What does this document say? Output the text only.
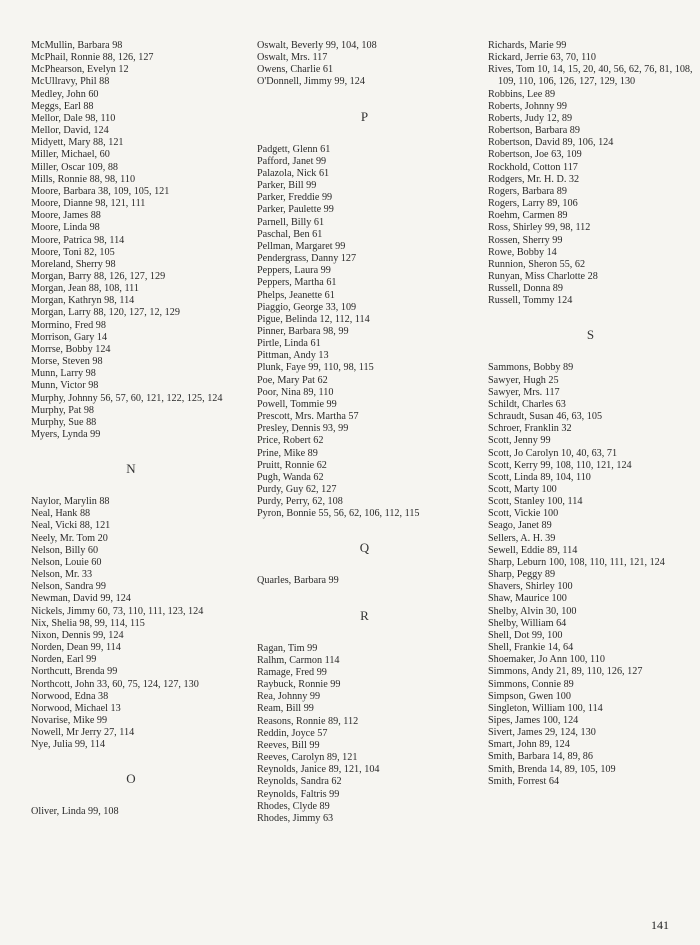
McMullin, Barbara 98
McPhail, Ronnie 88, 126, 127
McPhearson, Evelyn 12
McUllravy, Phil 88
Medley, John 60
Meggs, Earl 88
Mellor, Dale 98, 110
Mellor, David, 124
Midyett, Mary 88, 121
Miller, Michael, 60
Miller, Oscar 109, 88
Mills, Ronnie 88, 98, 110
Moore, Barbara 38, 109, 105, 121
Moore, Dianne 98, 121, 111
Moore, James 88
Moore, Linda 98
Moore, Patrica 98, 114
Moore, Toni 82, 105
Moreland, Sherry 98
Morgan, Barry 88, 126, 127, 129
Morgan, Jean 88, 108, 111
Morgan, Kathryn 98, 114
Morgan, Larry 88, 120, 127, 12, 129
Mormino, Fred 98
Morrison, Gary 14
Morrse, Bobby 124
Morse, Steven 98
Munn, Larry 98
Munn, Victor 98
Murphy, Johnny 56, 57, 60, 121, 122, 125, 124
Murphy, Pat 98
Murphy, Sue 88
Myers, Lynda 99
N
Naylor, Marylin 88
Neal, Hank 88
Neal, Vicki 88, 121
Neely, Mr. Tom 20
Nelson, Billy 60
Nelson, Louie 60
Nelson, Mr. 33
Nelson, Sandra 99
Newman, David 99, 124
Nickels, Jimmy 60, 73, 110, 111, 123, 124
Nix, Shelia 98, 99, 114, 115
Nixon, Dennis 99, 124
Norden, Dean 99, 114
Norden, Earl 99
Northcutt, Brenda 99
Northcott, John 33, 60, 75, 124, 127, 130
Norwood, Edna 38
Norwood, Michael 13
Novarise, Mike 99
Nowell, Mr Jerry 27, 114
Nye, Julia 99, 114
O
Oliver, Linda 99, 108
Oswalt, Beverly 99, 104, 108
Oswalt, Mrs. 117
Owens, Charlie 61
O'Donnell, Jimmy 99, 124
P
Padgett, Glenn 61
Pafford, Janet 99
Palazola, Nick 61
Parker, Bill 99
Parker, Freddie 99
Parker, Paulette 99
Parnell, Billy 61
Paschal, Ben 61
Pellman, Margaret 99
Pendergrass, Danny 127
Peppers, Laura 99
Peppers, Martha 61
Phelps, Jeanette 61
Piaggio, George 33, 109
Pigue, Belinda 12, 112, 114
Pinner, Barbara 98, 99
Pirtle, Linda 61
Pittman, Andy 13
Plunk, Faye 99, 110, 98, 115
Poe, Mary Pat 62
Poor, Nina 89, 110
Powell, Tommie 99
Prescott, Mrs. Martha 57
Presley, Dennis 93, 99
Price, Robert 62
Prine, Mike 89
Pruitt, Ronnie 62
Pugh, Wanda 62
Purdy, Guy 62, 127
Purdy, Perry, 62, 108
Pyron, Bonnie 55, 56, 62, 106, 112, 115
Q
Quarles, Barbara 99
R
Ragan, Tim 99
Ralhm, Carmon 114
Ramage, Fred 99
Raybuck, Ronnie 99
Rea, Johnny 99
Ream, Bill 99
Reasons, Ronnie 89, 112
Reddin, Joyce 57
Reeves, Bill 99
Reeves, Carolyn 89, 121
Reynolds, Janice 89, 121, 104
Reynolds, Sandra 62
Reynolds, Faltris 99
Rhodes, Clyde 89
Rhodes, Jimmy 63
Richards, Marie 99
Rickard, Jerrie 63, 70, 110
Rives, Tom 10, 14, 15, 20, 40, 56, 62, 76, 81, 108, 109, 110, 106, 126, 127, 129, 130
Robbins, Lee 89
Roberts, Johnny 99
Roberts, Judy 12, 89
Robertson, Barbara 89
Robertson, David 89, 106, 124
Robertson, Joe 63, 109
Rockhold, Cotton 117
Rodgers, Mr. H. D. 32
Rogers, Barbara 89
Rogers, Larry 89, 106
Roehm, Carmen 89
Ross, Shirley 99, 98, 112
Rossen, Sherry 99
Rowe, Bobby 14
Runnion, Sheron 55, 62
Runyan, Miss Charlotte 28
Russell, Donna 89
Russell, Tommy 124
S
Sammons, Bobby 89
Sawyer, Hugh 25
Sawyer, Mrs. 117
Schildt, Charles 63
Schraudt, Susan 46, 63, 105
Schroer, Franklin 32
Scott, Jenny 99
Scott, Jo Carolyn 10, 40, 63, 71
Scott, Kerry 99, 108, 110, 121, 124
Scott, Linda 89, 104, 110
Scott, Marty 100
Scott, Stanley 100, 114
Scott, Vickie 100
Seago, Janet 89
Sellers, A. H. 39
Sewell, Eddie 89, 114
Sharp, Leburn 100, 108, 110, 111, 121, 124
Sharp, Peggy 89
Shavers, Shirley 100
Shaw, Maurice 100
Shelby, Alvin 30, 100
Shelby, William 64
Shell, Dot 99, 100
Shell, Frankie 14, 64
Shoemaker, Jo Ann 100, 110
Simmons, Andy 21, 89, 110, 126, 127
Simmons, Connie 89
Simpson, Gwen 100
Singleton, William 100, 114
Sipes, James 100, 124
Sivert, James 29, 124, 130
Smart, John 89, 124
Smith, Barbara 14, 89, 86
Smith, Brenda 14, 89, 105, 109
Smith, Forrest 64
141
